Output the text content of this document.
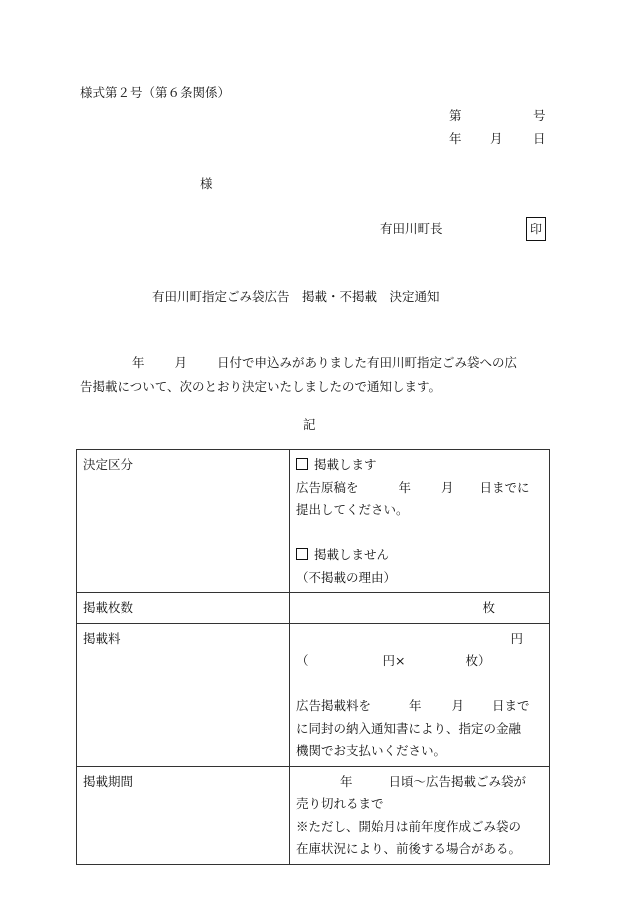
様式第２号（第６条関係）
第	号
年 月 日
様
有田川町長	印
有田川町指定ごみ袋広告　掲載・不掲載　決定通知
年 月 日付で申込みがありました有田川町指定ごみ袋への広
告掲載について、次のとおり決定いたしましたので通知します。
記
決定区分	掲載します
広告原稿を 年 月 日までに
提出してください。
掲載しません
（不掲載の理由）

掲載枚数	枚

掲載料	円
（ 円× 枚）
広告掲載料を 年 月 日まで
に同封の納入通知書により、指定の金融
機関でお支払いください。

掲載期間	年 日頃～広告掲載ごみ袋が
売り切れるまで
※ただし、開始月は前年度作成ごみ袋の
在庫状況により、前後する場合がある。
